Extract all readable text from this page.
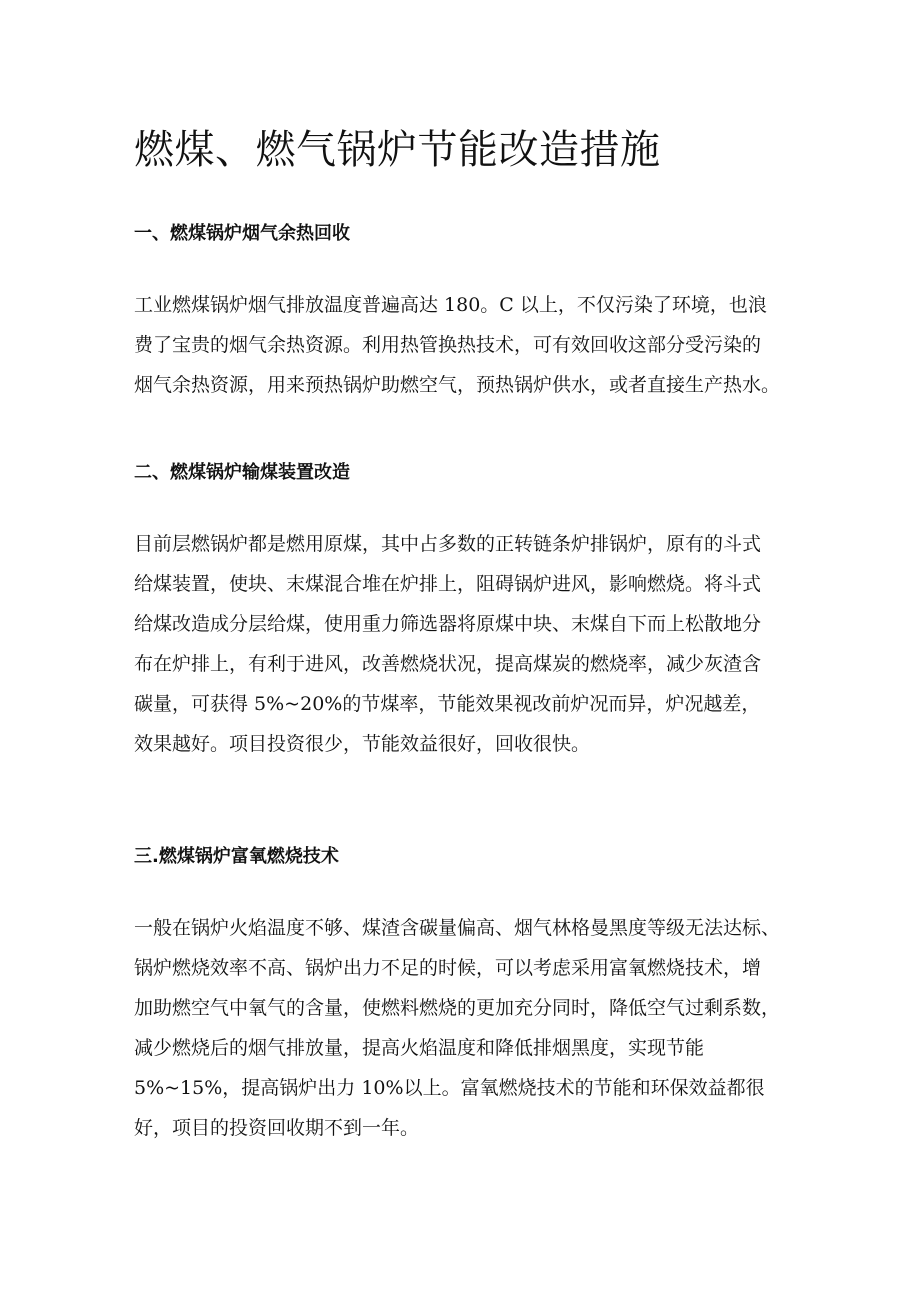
燃煤、燃气锅炉节能改造措施
一、燃煤锅炉烟气余热回收

工业燃煤锅炉烟气排放温度普遍高达 180。C 以上，不仅污染了环境，也浪
费了宝贵的烟气余热资源。利用热管换热技术，可有效回收这部分受污染的
烟气余热资源，用来预热锅炉助燃空气，预热锅炉供水，或者直接生产热水。

二、燃煤锅炉输煤装置改造

目前层燃锅炉都是燃用原煤，其中占多数的正转链条炉排锅炉，原有的斗式
给煤装置，使块、末煤混合堆在炉排上，阻碍锅炉进风，影响燃烧。将斗式
给煤改造成分层给煤，使用重力筛选器将原煤中块、末煤自下而上松散地分
布在炉排上，有利于进风，改善燃烧状况，提高煤炭的燃烧率，减少灰渣含
碳量，可获得 5%~20%的节煤率，节能效果视改前炉况而异，炉况越差，
效果越好。项目投资很少，节能效益很好，回收很快。

三.燃煤锅炉富氧燃烧技术

一般在锅炉火焰温度不够、煤渣含碳量偏高、烟气林格曼黑度等级无法达标、
锅炉燃烧效率不高、锅炉出力不足的时候，可以考虑采用富氧燃烧技术，增
加助燃空气中氧气的含量，使燃料燃烧的更加充分同时，降低空气过剩系数，
减少燃烧后的烟气排放量，提高火焰温度和降低排烟黑度，实现节能
5%~15%，提高锅炉出力 10%以上。富氧燃烧技术的节能和环保效益都很
好，项目的投资回收期不到一年。
